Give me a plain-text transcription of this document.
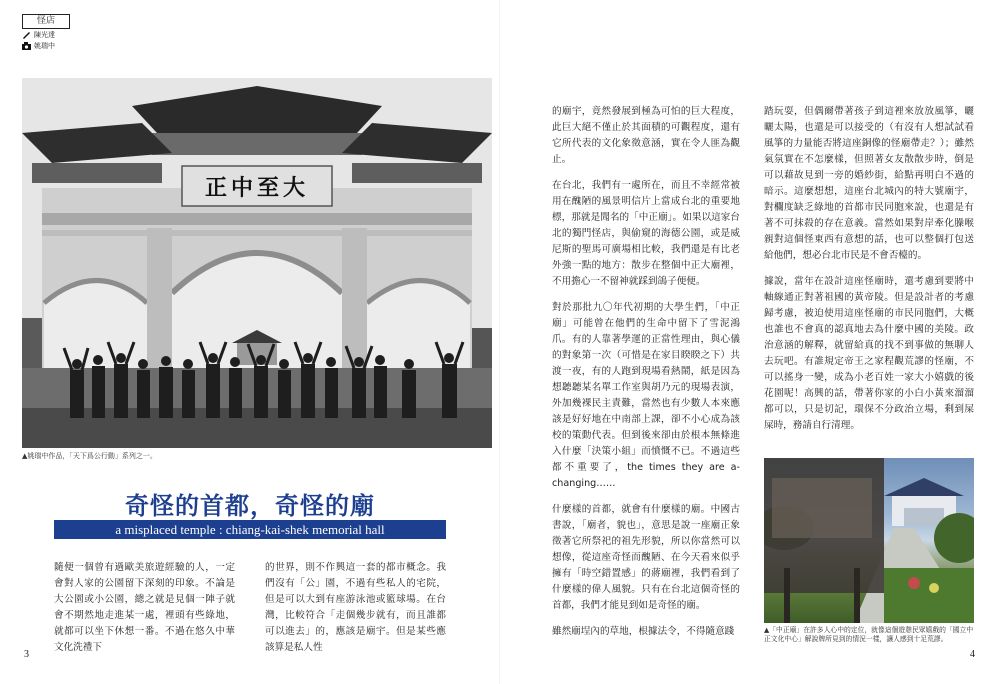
怪店
陳光達
姚瑞中
正中至大
▲姚瑞中作品，「天下爲公行動」系列之一。
奇怪的首都，奇怪的廟
a misplaced temple : chiang-kai-shek memorial hall

隨便一個曾有過歐美旅遊經驗的人，一定會對人家的公園留下深刻的印象。不論是大公園或小公園，總之就是見個一陣子就會不期然地走進某一處，裡頭有些綠地，就都可以坐下休想一番。不過在悠久中華文化洗禮下

的世界，則不作興這一套的都市概念。我們沒有「公」園，不過有些私人的宅院，但是可以大到有座游泳池或籃球場。在台灣，比較符合「走個幾步就有，而且誰都可以進去」的，應該是廟宇。但是某些應該算是私人性

3

的廟宇，竟然發展到極為可怕的巨大程度，此巨大絕不僅止於其面積的可觀程度，還有它所代表的文化象徵意涵，實在令人匪為觀止。

在台北，我們有一處所在，而且不幸經常被用在醜陋的風景明信片上當成台北的重要地標，那就是聞名的「中正廟」。如果以這家台北的獨門怪店，與偷窺的海德公園，或是威尼斯的聖馬可廣場相比較，我們還是有比老外強一點的地方：散步在整個中正大廟裡，不用擔心一不留神就踩到鴿子便便。

對於那批九〇年代初期的大學生們，「中正廟」可能曾在他們的生命中留下了雪泥鴻爪。有的人靠著學運的正當性理由，與心儀的對象第一次（可惜是在家目睽睽之下）共渡一夜，有的人跑到現場看熱鬧，紙是因為想聽聽某名單工作室與胡乃元的現場表演，外加幾裸民主責難，當然也有少數人本來應該是好好地在中南部上課，卻不小心成為該校的策動代表。但到後來卻由於根本無條進入什麼「決策小組」而憤慨不已。不過這些都不重要了，the times they are a-changing……

什麼樣的首都，就會有什麼樣的廟。中國古書說，「廟者，貌也」，意思是說一座廟正象徵著它所祭祀的祖先形貌，所以你當然可以想像，從這座奇怪而醜陋、在今天看來似乎擁有「時空錯置感」的蔣廟裡，我們看到了什麼樣的偉人風貌。只有在台北這個奇怪的首都，我們才能見到如是奇怪的廟。

雖然廟埕內的草地，根據法令，不得隨意踐

踏玩耍，但偶爾帶著孩子到這裡來放放風箏，曬曬太陽，也還是可以接受的（有沒有人想試試看風箏的力量能否將這座銅像的怪廟帶走？）；雖然氣氛實在不怎麼樣，但照著女友散散步時，倒是可以藉故見到一旁的婚紗街，給點再明白不過的暗示。這麼想想，這座台北城內的特大號廟宇，對欄度缺乏綠地的首都市民同胞來說，也還是有著不可抹殺的存在意義。當然如果對岸牽化臊喉親對這個怪東西有意想的話，也可以整個打包送給他們，想必台北市民是不會否檯的。

據說，當年在設計這座怪廟時，還考慮到要將中軸線通正對著祖國的黃帝陵。但是設計者的考慮歸考慮，被迫使用這座怪廟的市民同胞們，大概也誰也不會真的認真地去為什麼中國的美陵。政治意涵的解釋，就留給真的找不到事做的無聊人去玩吧。有誰規定帝王之家程觀荒謬的怪廟，不可以搖身一變，成為小老百姓一家大小嬉戲的後花園呢！高興的話，帶著你家的小白小黃來溜溜都可以，只是切記，環保不分政治立場，剩到屎屎時，務請自行清理。

▲「中正廟」在許多人心中的定位，就像這個遊憩民眾嬉戲的「國立中正文化中心」解說牌所見到的情況一樣，讓人感到十足荒謬。
4
